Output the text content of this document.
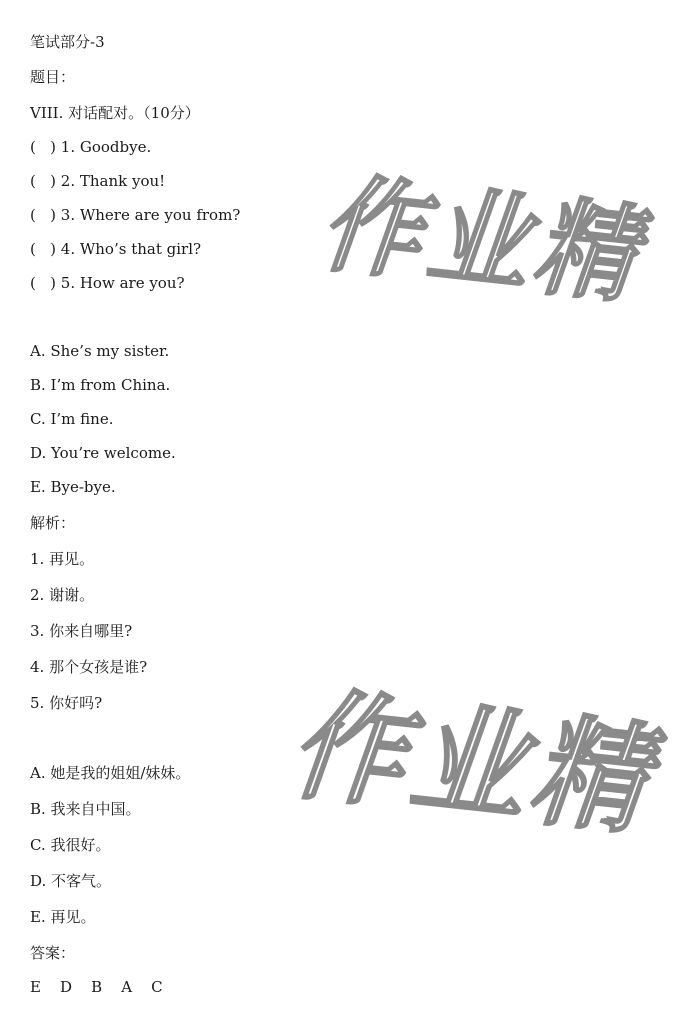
作业精
作业精
笔试部分-3
题目：
VIII. 对话配对。（10分）
(   ) 1. Goodbye.
(   ) 2. Thank you!
(   ) 3. Where are you from?
(   ) 4. Who’s that girl?
(   ) 5. How are you?
A. She’s my sister.
B. I’m from China.
C. I’m fine.
D. You’re welcome.
E. Bye-bye.
解析：
1. 再见。
2. 谢谢。
3. 你来自哪里?
4. 那个女孩是谁?
5. 你好吗?
A. 她是我的姐姐/妹妹。
B. 我来自中国。
C. 我很好。
D. 不客气。
E. 再见。
答案：
E    D    B    A    C
